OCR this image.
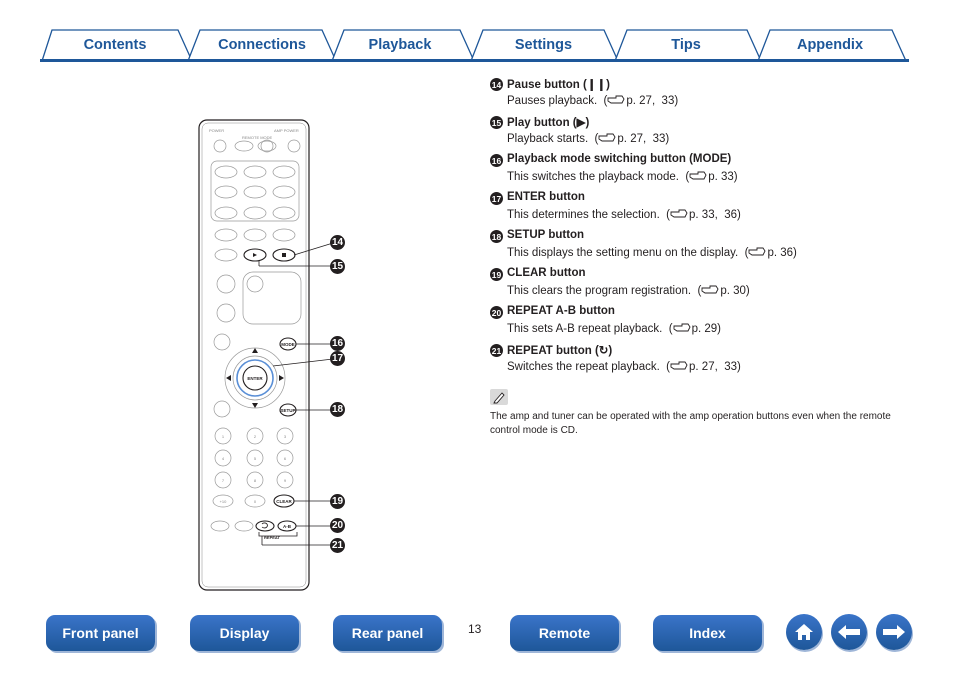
Contents	Connections	Playback	Settings	Tips	Appendix
POWER
REMOTE MODE
AMP POWER
ENTER
MODE
SETUP
CLEAR
A-B
1	2	3
4	5	6
7	8	9
+10	0
REPEAT
14
15
16
17
18
19
20
21
14 Pause button (❙❙)
Pauses playback.  ( p. 27,  33)
15 Play button (▶)
Playback starts.  ( p. 27,  33)
16 Playback mode switching button (MODE)
This switches the playback mode.  ( p. 33)
17 ENTER button
This determines the selection.  ( p. 33,  36)
18 SETUP button
This displays the setting menu on the display.  ( p. 36)
19 CLEAR button
This clears the program registration.  ( p. 30)
20 REPEAT A-B button
This sets A-B repeat playback.  ( p. 29)
21 REPEAT button (↻)
Switches the repeat playback.  ( p. 27,  33)
The amp and tuner can be operated with the amp operation buttons even when the remote control mode is CD.
Front panel	Display	Rear panel	13	Remote	Index
